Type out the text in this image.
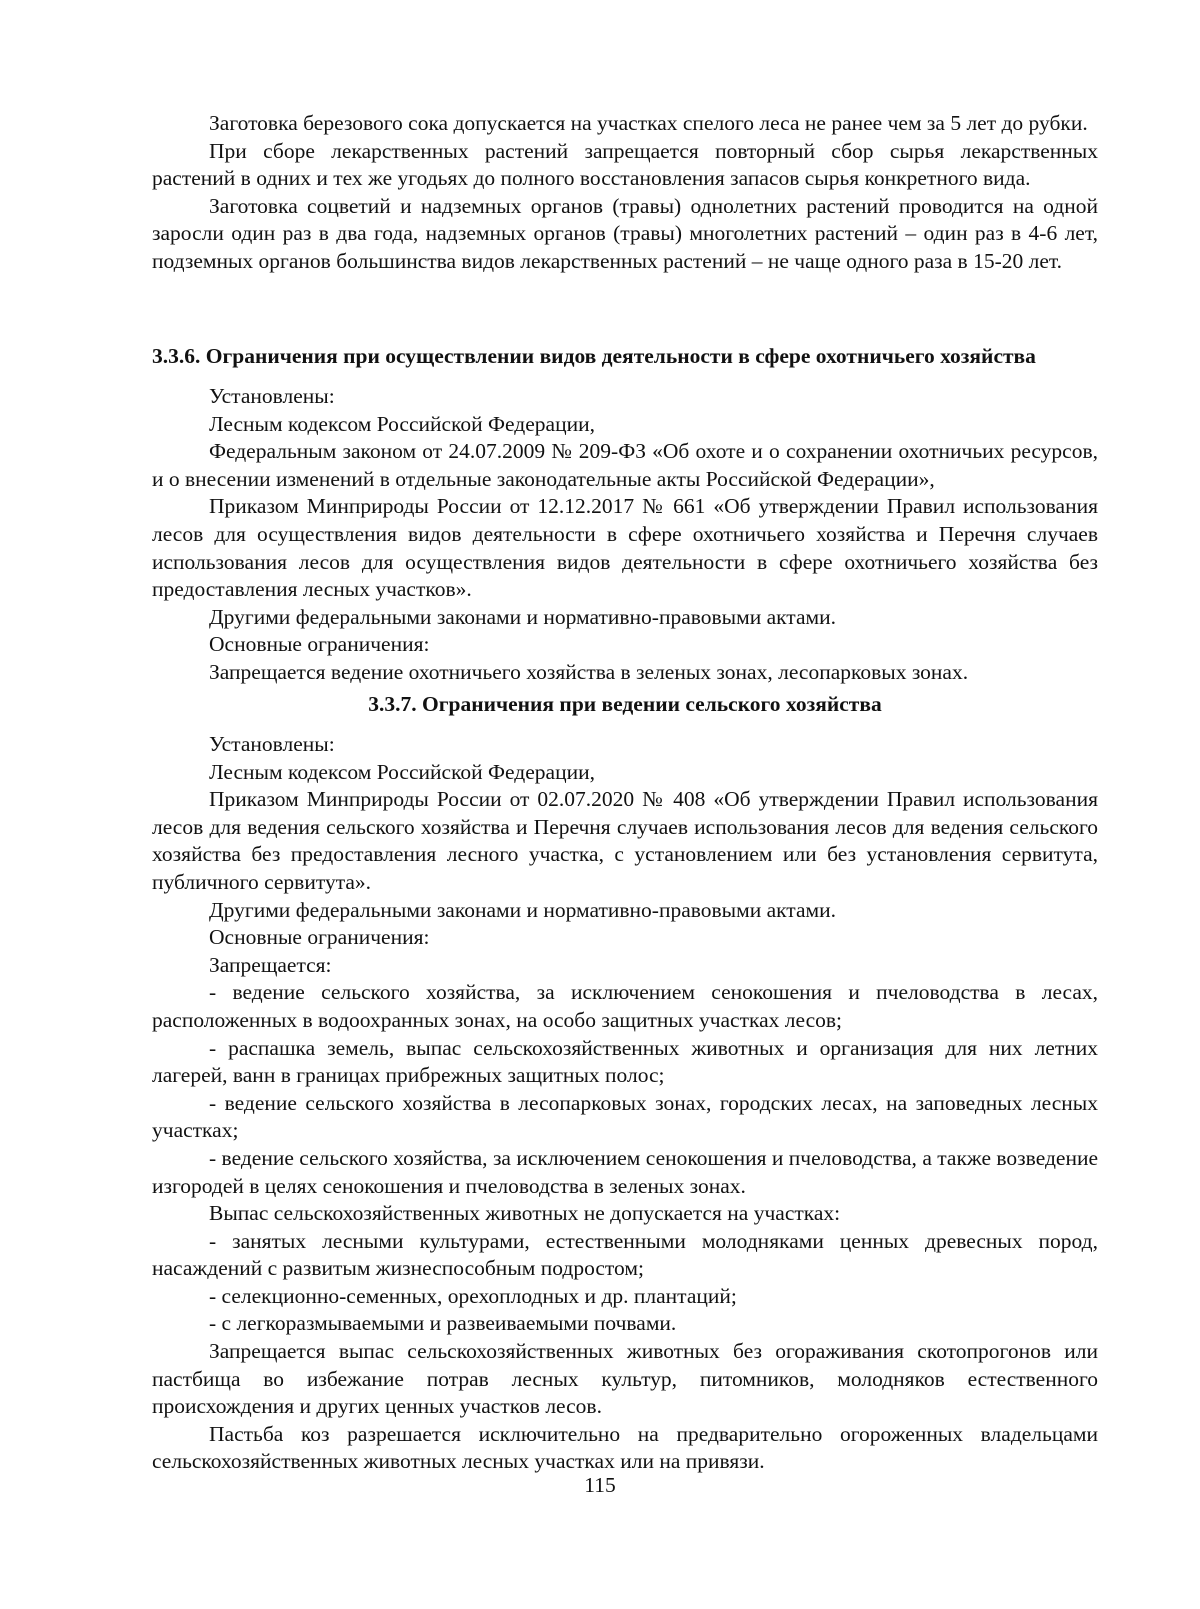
Заготовка березового сока допускается на участках спелого леса не ранее чем за 5 лет до рубки.

При сборе лекарственных растений запрещается повторный сбор сырья лекарственных растений в одних и тех же угодьях до полного восстановления запасов сырья конкретного вида.

Заготовка соцветий и надземных органов (травы) однолетних растений проводится на одной заросли один раз в два года, надземных органов (травы) многолетних растений – один раз в 4-6 лет, подземных органов большинства видов лекарственных растений – не чаще одного раза в 15-20 лет.

3.3.6. Ограничения при осуществлении видов деятельности в сфере охотничьего хозяйства

Установлены:

Лесным кодексом Российской Федерации,

Федеральным законом от 24.07.2009 № 209-ФЗ «Об охоте и о сохранении охотничьих ресурсов, и о внесении изменений в отдельные законодательные акты Российской Федерации»,

Приказом Минприроды России от 12.12.2017 № 661 «Об утверждении Правил использования лесов для осуществления видов деятельности в сфере охотничьего хозяйства и Перечня случаев использования лесов для осуществления видов деятельности в сфере охотничьего хозяйства без предоставления лесных участков».

Другими федеральными законами и нормативно-правовыми актами.

Основные ограничения:

Запрещается ведение охотничьего хозяйства в зеленых зонах, лесопарковых зонах.

3.3.7. Ограничения при ведении сельского хозяйства

Установлены:

Лесным кодексом Российской Федерации,

Приказом Минприроды России от 02.07.2020 № 408 «Об утверждении Правил использования лесов для ведения сельского хозяйства и Перечня случаев использования лесов для ведения сельского хозяйства без предоставления лесного участка, с установлением или без установления сервитута, публичного сервитута».

Другими федеральными законами и нормативно-правовыми актами.

Основные ограничения:

Запрещается:

- ведение сельского хозяйства, за исключением сенокошения и пчеловодства в лесах, расположенных в водоохранных зонах, на особо защитных участках лесов;

- распашка земель, выпас сельскохозяйственных животных и организация для них летних лагерей, ванн в границах прибрежных защитных полос;

- ведение сельского хозяйства в лесопарковых зонах, городских лесах, на заповедных лесных участках;

- ведение сельского хозяйства, за исключением сенокошения и пчеловодства, а также возведение изгородей в целях сенокошения и пчеловодства в зеленых зонах.

Выпас сельскохозяйственных животных не допускается на участках:

- занятых лесными культурами, естественными молодняками ценных древесных пород, насаждений с развитым жизнеспособным подростом;

- селекционно-семенных, орехоплодных и др. плантаций;

- с легкоразмываемыми и развеиваемыми почвами.

Запрещается выпас сельскохозяйственных животных без огораживания скотопрогонов или пастбища во избежание потрав лесных культур, питомников, молодняков естественного происхождения и других ценных участков лесов.

Пастьба коз разрешается исключительно на предварительно огороженных владельцами сельскохозяйственных животных лесных участках или на привязи.

115
